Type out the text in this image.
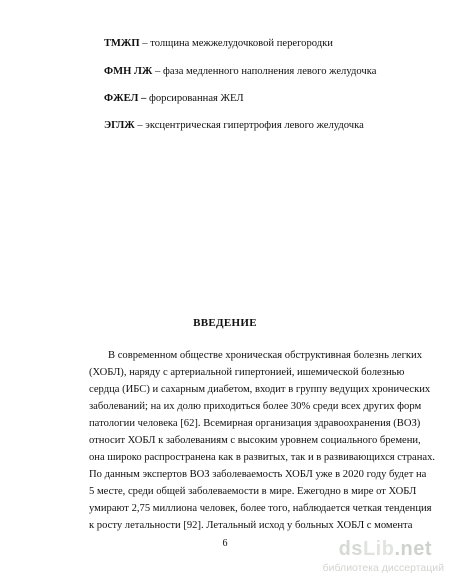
ТМЖП – толщина межжелудочковой перегородки
ФМН ЛЖ – фаза медленного наполнения левого желудочка
ФЖЕЛ – форсированная ЖЕЛ
ЭГЛЖ – эксцентрическая гипертрофия левого желудочка
ВВЕДЕНИЕ
В современном обществе хроническая обструктивная болезнь легких
(ХОБЛ), наряду с артериальной гипертонией, ишемической болезнью
сердца (ИБС) и сахарным диабетом, входит в группу ведущих хронических
заболеваний; на их долю приходиться более 30% среди всех других форм
патологии человека [62]. Всемирная организация здравоохранения (ВОЗ)
относит ХОБЛ к заболеваниям с высоким уровнем социального бремени,
она широко распространена как в развитых, так и в развивающихся странах.
По данным экспертов ВОЗ заболеваемость ХОБЛ уже в 2020 году будет на
5 месте, среди общей заболеваемости в мире. Ежегодно в мире от ХОБЛ
умирают 2,75 миллиона человек, более того, наблюдается четкая тенденция
к росту летальности [92]. Летальный исход у больных ХОБЛ с момента
6	dsLib.net
библиотека диссертаций
